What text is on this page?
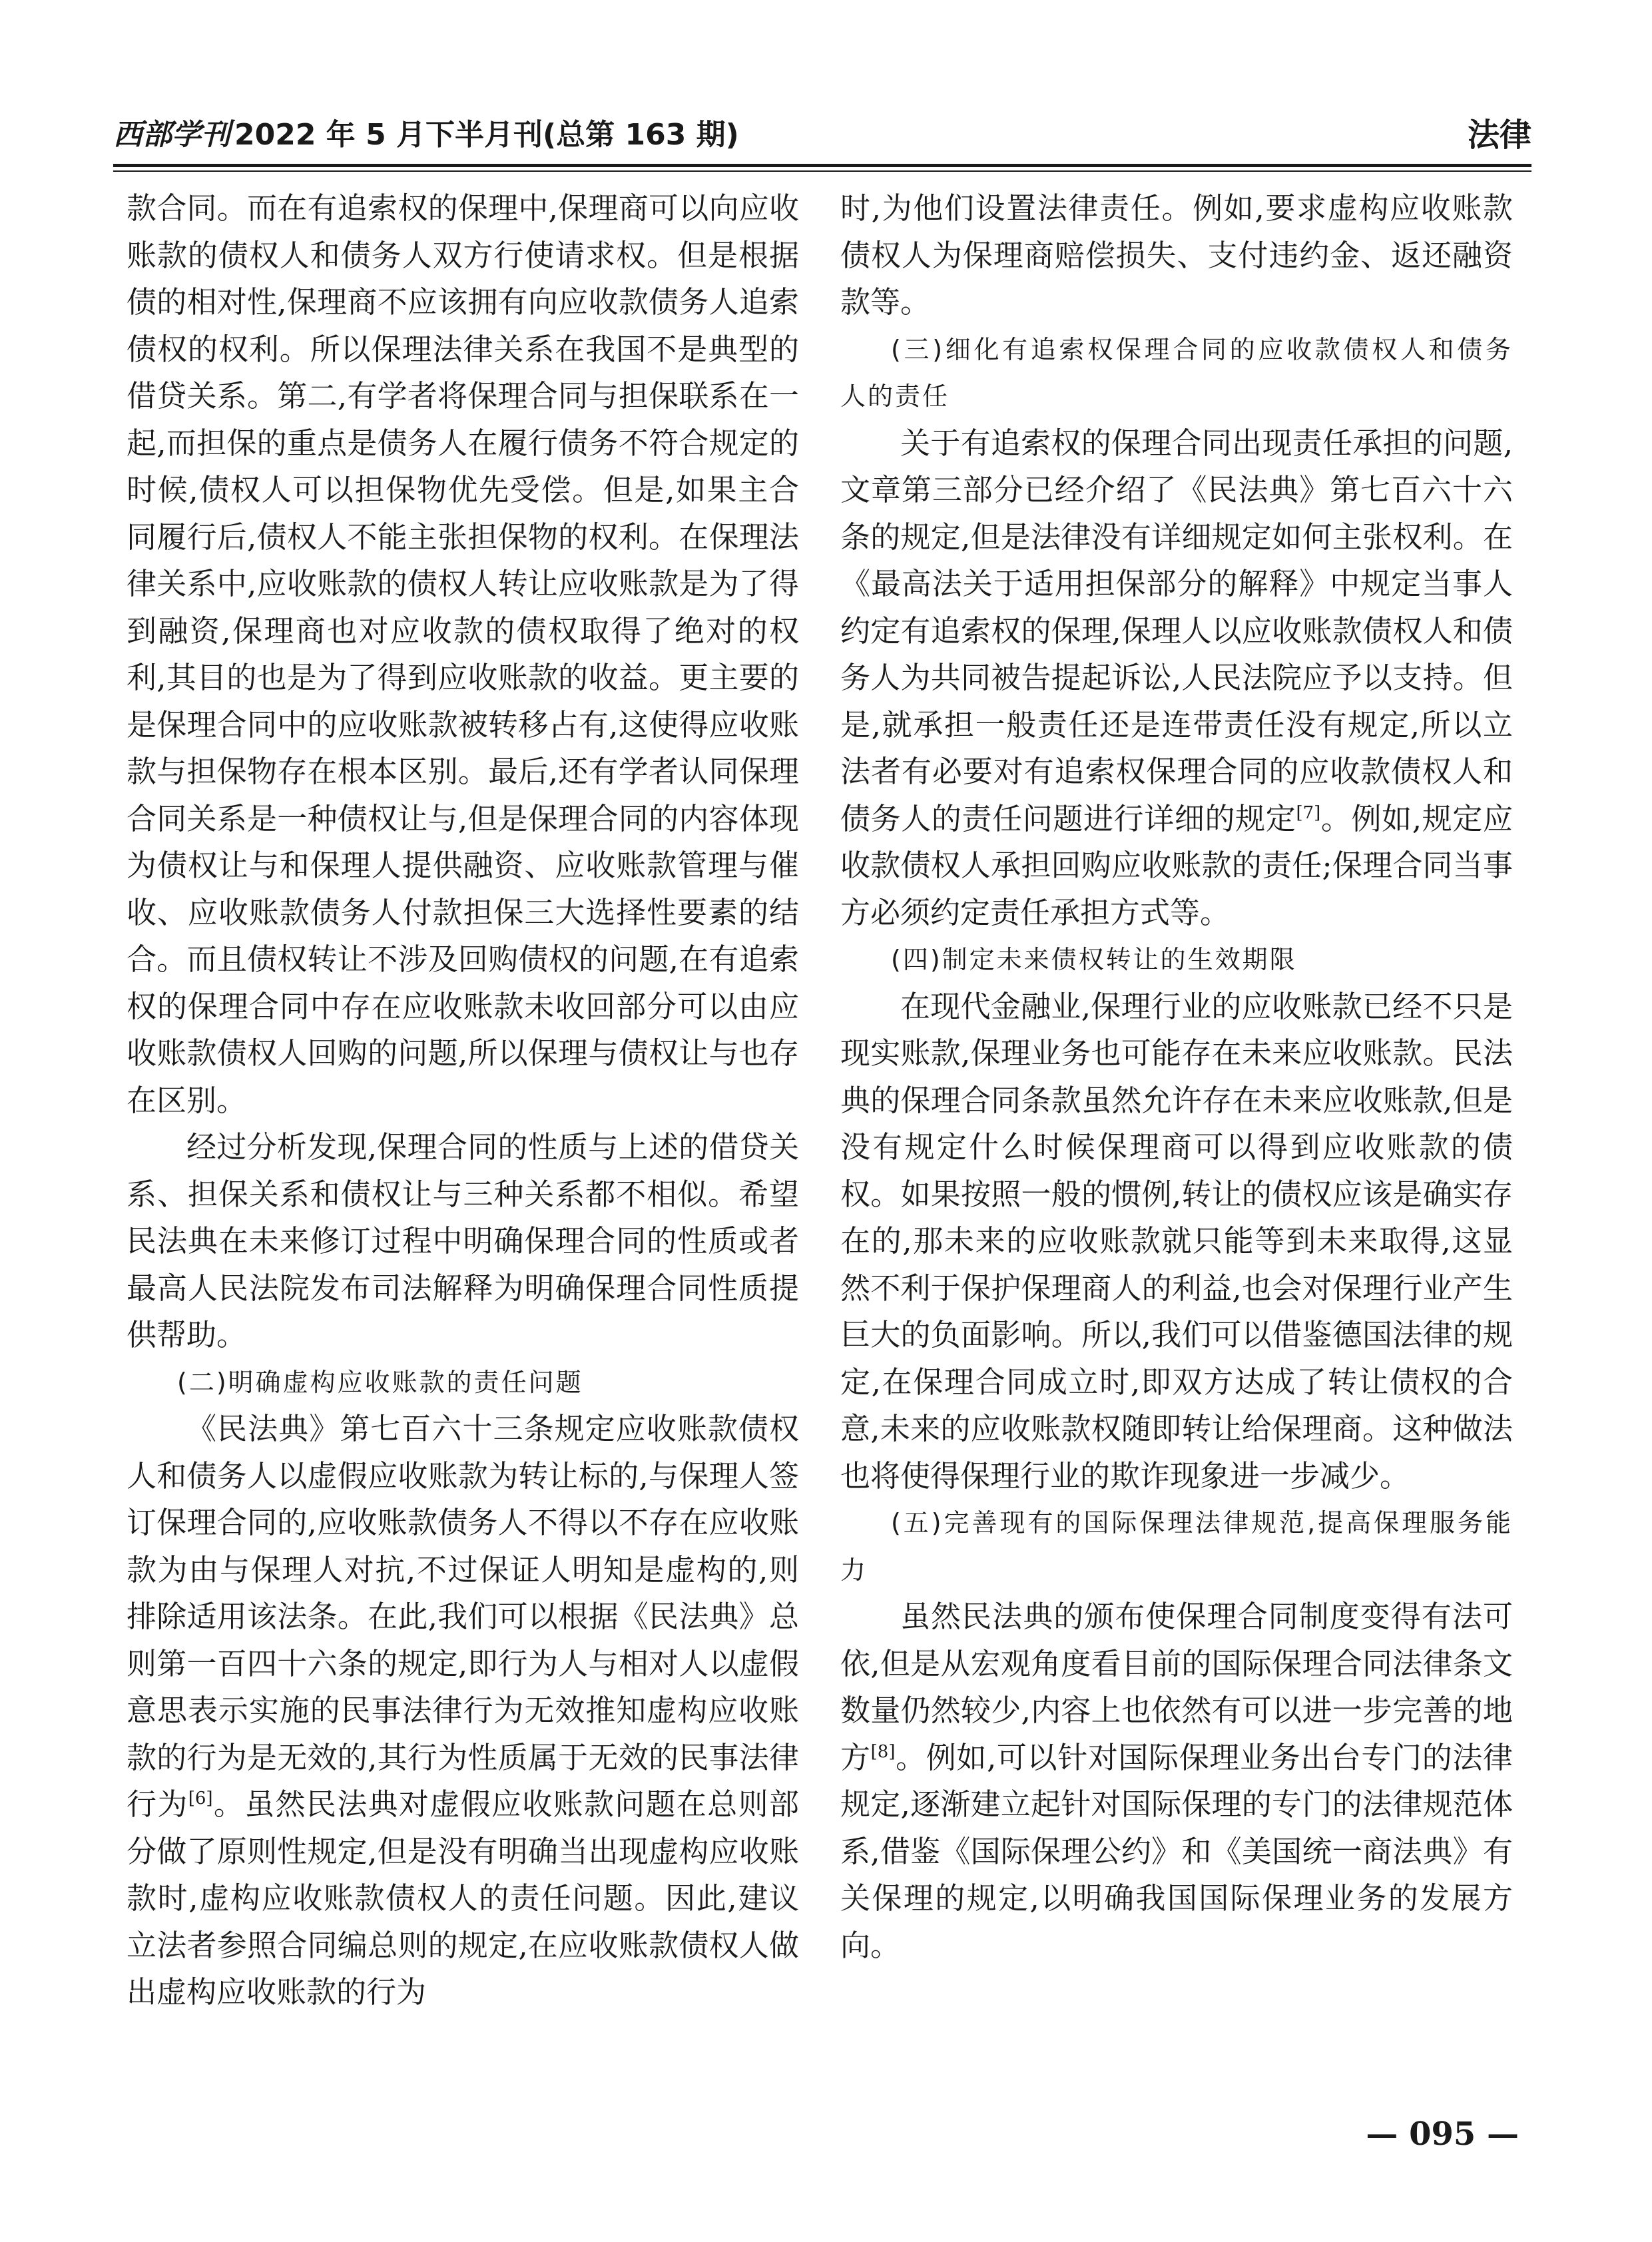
西部学刊 2022 年 5 月下半月刊(总第 163 期)	法律

款合同。而在有追索权的保理中,保理商可以向应收账款的债权人和债务人双方行使请求权。但是根据债的相对性,保理商不应该拥有向应收款债务人追索债权的权利。所以保理法律关系在我国不是典型的借贷关系。第二,有学者将保理合同与担保联系在一起,而担保的重点是债务人在履行债务不符合规定的时候,债权人可以担保物优先受偿。但是,如果主合同履行后,债权人不能主张担保物的权利。在保理法律关系中,应收账款的债权人转让应收账款是为了得到融资,保理商也对应收款的债权取得了绝对的权利,其目的也是为了得到应收账款的收益。更主要的是保理合同中的应收账款被转移占有,这使得应收账款与担保物存在根本区别。最后,还有学者认同保理合同关系是一种债权让与,但是保理合同的内容体现为债权让与和保理人提供融资、应收账款管理与催收、应收账款债务人付款担保三大选择性要素的结合。而且债权转让不涉及回购债权的问题,在有追索权的保理合同中存在应收账款未收回部分可以由应收账款债权人回购的问题,所以保理与债权让与也存在区别。

经过分析发现,保理合同的性质与上述的借贷关系、担保关系和债权让与三种关系都不相似。希望民法典在未来修订过程中明确保理合同的性质或者最高人民法院发布司法解释为明确保理合同性质提供帮助。

(二)明确虚构应收账款的责任问题

《民法典》第七百六十三条规定应收账款债权人和债务人以虚假应收账款为转让标的,与保理人签订保理合同的,应收账款债务人不得以不存在应收账款为由与保理人对抗,不过保证人明知是虚构的,则排除适用该法条。在此,我们可以根据《民法典》总则第一百四十六条的规定,即行为人与相对人以虚假意思表示实施的民事法律行为无效推知虚构应收账款的行为是无效的,其行为性质属于无效的民事法律行为[6]。虽然民法典对虚假应收账款问题在总则部分做了原则性规定,但是没有明确当出现虚构应收账款时,虚构应收账款债权人的责任问题。因此,建议立法者参照合同编总则的规定,在应收账款债权人做出虚构应收账款的行为

时,为他们设置法律责任。例如,要求虚构应收账款债权人为保理商赔偿损失、支付违约金、返还融资款等。

(三)细化有追索权保理合同的应收款债权人和债务人的责任

关于有追索权的保理合同出现责任承担的问题,文章第三部分已经介绍了《民法典》第七百六十六条的规定,但是法律没有详细规定如何主张权利。在《最高法关于适用担保部分的解释》中规定当事人约定有追索权的保理,保理人以应收账款债权人和债务人为共同被告提起诉讼,人民法院应予以支持。但是,就承担一般责任还是连带责任没有规定,所以立法者有必要对有追索权保理合同的应收款债权人和债务人的责任问题进行详细的规定[7]。例如,规定应收款债权人承担回购应收账款的责任;保理合同当事方必须约定责任承担方式等。

(四)制定未来债权转让的生效期限

在现代金融业,保理行业的应收账款已经不只是现实账款,保理业务也可能存在未来应收账款。民法典的保理合同条款虽然允许存在未来应收账款,但是没有规定什么时候保理商可以得到应收账款的债权。如果按照一般的惯例,转让的债权应该是确实存在的,那未来的应收账款就只能等到未来取得,这显然不利于保护保理商人的利益,也会对保理行业产生巨大的负面影响。所以,我们可以借鉴德国法律的规定,在保理合同成立时,即双方达成了转让债权的合意,未来的应收账款权随即转让给保理商。这种做法也将使得保理行业的欺诈现象进一步减少。

(五)完善现有的国际保理法律规范,提高保理服务能力

虽然民法典的颁布使保理合同制度变得有法可依,但是从宏观角度看目前的国际保理合同法律条文数量仍然较少,内容上也依然有可以进一步完善的地方[8]。例如,可以针对国际保理业务出台专门的法律规定,逐渐建立起针对国际保理的专门的法律规范体系,借鉴《国际保理公约》和《美国统一商法典》有关保理的规定,以明确我国国际保理业务的发展方向。

— 095 —
